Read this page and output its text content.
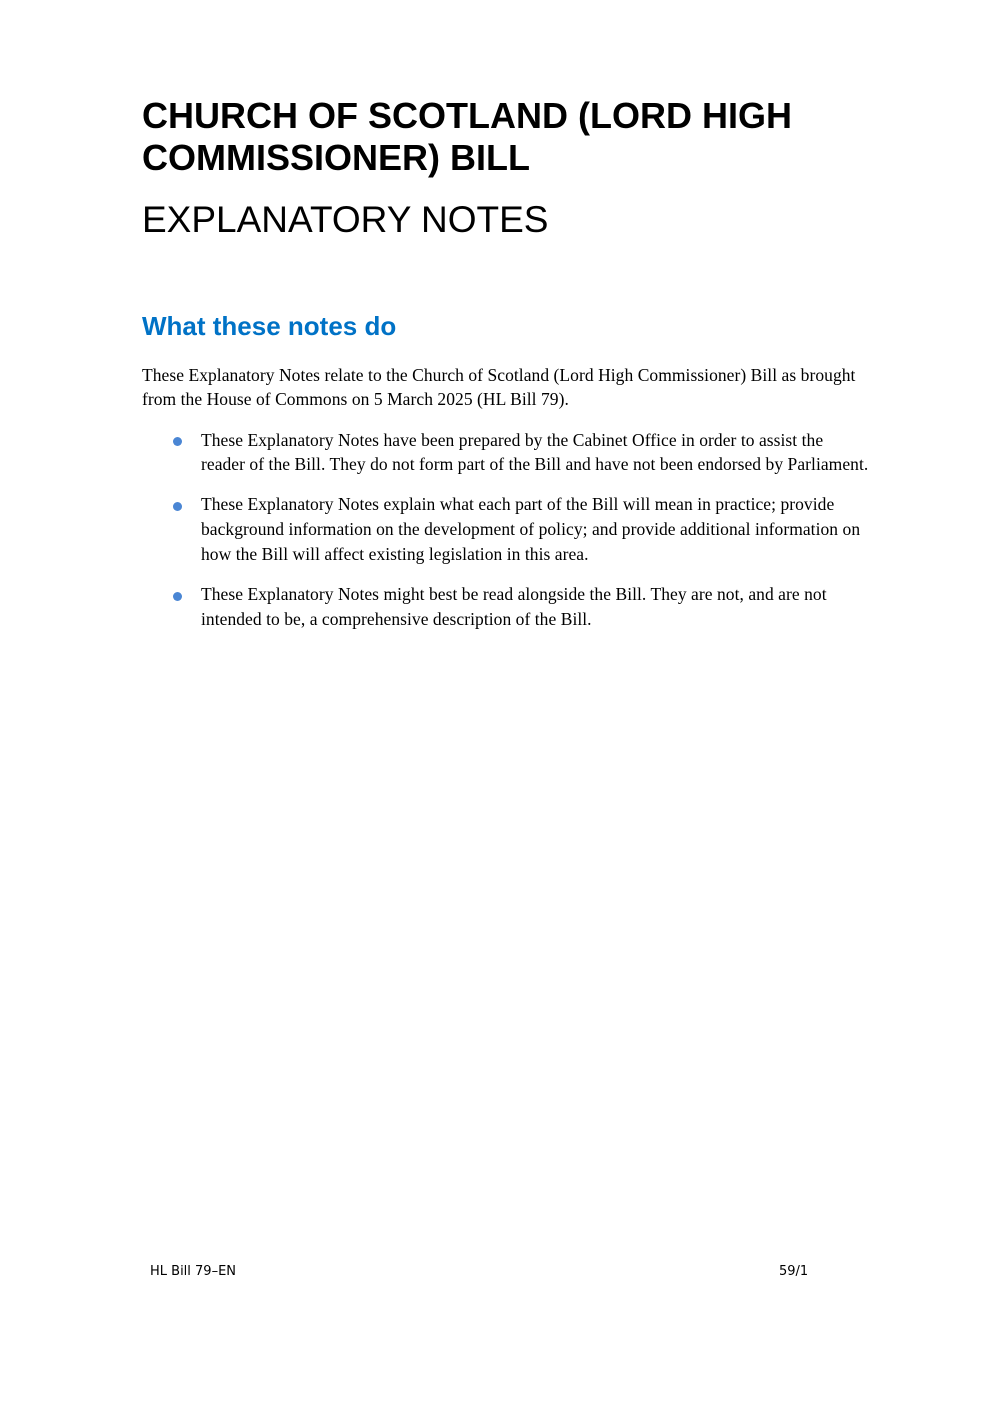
CHURCH OF SCOTLAND (LORD HIGH
COMMISSIONER) BILL
EXPLANATORY NOTES
What these notes do
These Explanatory Notes relate to the Church of Scotland (Lord High Commissioner) Bill as brought
from the House of Commons on 5 March 2025 (HL Bill 79).
These Explanatory Notes have been prepared by the Cabinet Office in order to assist the
reader of the Bill. They do not form part of the Bill and have not been endorsed by Parliament.
These Explanatory Notes explain what each part of the Bill will mean in practice; provide
background information on the development of policy; and provide additional information on
how the Bill will affect existing legislation in this area.
These Explanatory Notes might best be read alongside the Bill. They are not, and are not
intended to be, a comprehensive description of the Bill.
HL Bill 79–EN	59/1
